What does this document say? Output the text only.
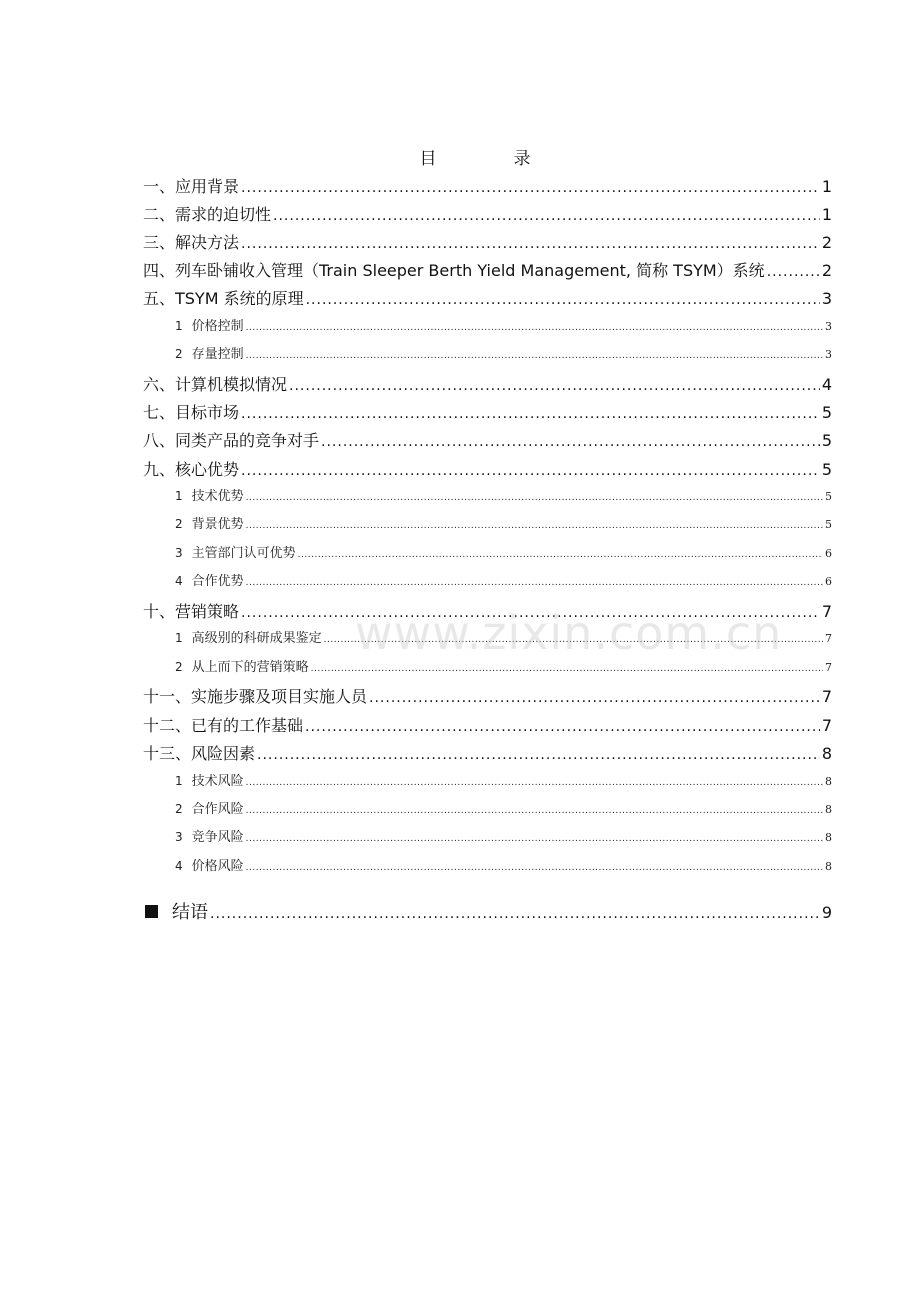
目　录
一、应用背景 .....	1
二、需求的迫切性 .....	1
三、解决方法 .....	2
四、列车卧铺收入管理（Train Sleeper Berth Yield Management, 简称 TSYM）系统 .....	2
五、TSYM 系统的原理 .....	3
1 价格控制 .....	3
2 存量控制 .....	3
六、计算机模拟情况 .....	4
七、目标市场 .....	5
八、同类产品的竞争对手 .....	5
九、核心优势 .....	5
1 技术优势 .....	5
2 背景优势 .....	5
3 主管部门认可优势 .....	6
4 合作优势 .....	6
十、营销策略 .....	7
1 高级别的科研成果鉴定 .....	7
2 从上而下的营销策略 .....	7
十一、实施步骤及项目实施人员 .....	7
十二、已有的工作基础 .....	7
十三、风险因素 .....	8
1 技术风险 .....	8
2 合作风险 .....	8
3 竞争风险 .....	8
4 价格风险 .....	8
结语 .....	9
www.zixin.com.cn
